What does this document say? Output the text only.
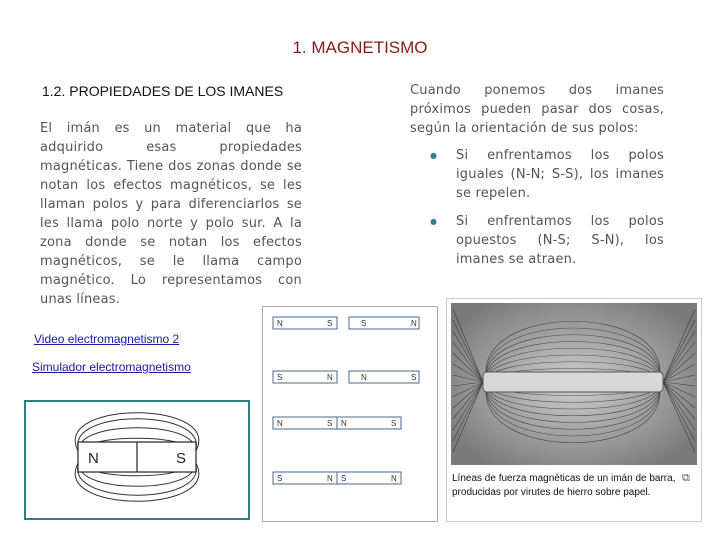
1. MAGNETISMO
1.2. PROPIEDADES DE LOS IMANES
El imán es un material que ha adquirido esas propiedades magnéticas. Tiene dos zonas donde se notan los efectos magnéticos, se les llaman polos y para diferenciarlos se les llama polo norte y polo sur. A la zona donde se notan los efectos magnéticos, se le llama campo magnético. Lo representamos con unas líneas.
Cuando ponemos dos imanes próximos pueden pasar dos cosas, según la orientación de sus polos:
● Si enfrentamos los polos iguales (N-N; S-S), los imanes se repelen.
● Si enfrentamos los polos opuestos (N-S; S-N), los imanes se atraen.
Video electromagnetismo 2
Simulador electromagnetismo
N	S
N	S	S	N
S	N	N	S
N	S N	S
S	N S	N	Líneas de fuerza magnéticas de un imán de barra, producidas por virutes de hierro sobre papel.
⧉
